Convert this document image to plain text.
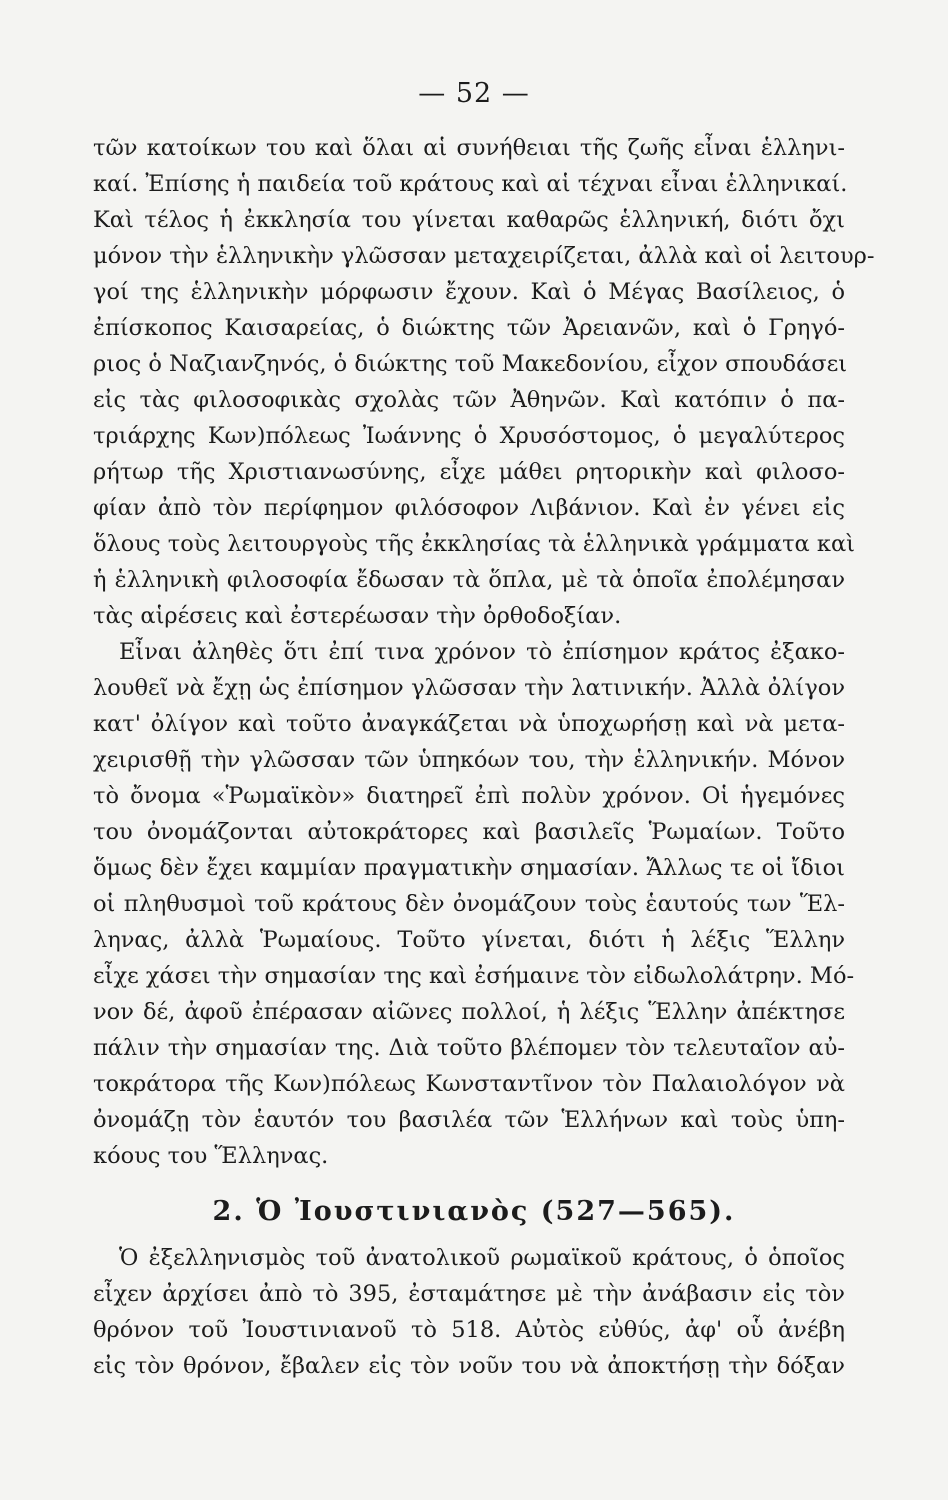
— 52 —
τῶν κατοίκων του καὶ ὅλαι αἱ συνήθειαι τῆς ζωῆς εἶναι ἑλληνι-
καί. Ἐπίσης ἡ παιδεία τοῦ κράτους καὶ αἱ τέχναι εἶναι ἑλληνικαί.
Καὶ τέλος ἡ ἐκκλησία του γίνεται καθαρῶς ἑλληνική, διότι ὄχι
μόνον τὴν ἑλληνικὴν γλῶσσαν μεταχειρίζεται, ἀλλὰ καὶ οἱ λειτουρ-
γοί της ἑλληνικὴν μόρφωσιν ἔχουν. Καὶ ὁ Μέγας Βασίλειος, ὁ
ἐπίσκοπος Καισαρείας, ὁ διώκτης τῶν Ἀρειανῶν, καὶ ὁ Γρηγό-
ριος ὁ Ναζιανζηνός, ὁ διώκτης τοῦ Μακεδονίου, εἶχον σπουδάσει
εἰς τὰς φιλοσοφικὰς σχολὰς τῶν Ἀθηνῶν. Καὶ κατόπιν ὁ πα-
τριάρχης Κων)πόλεως Ἰωάννης ὁ Χρυσόστομος, ὁ μεγαλύτερος
ρήτωρ τῆς Χριστιανωσύνης, εἶχε μάθει ρητορικὴν καὶ φιλοσο-
φίαν ἀπὸ τὸν περίφημον φιλόσοφον Λιβάνιον. Καὶ ἐν γένει εἰς
ὅλους τοὺς λειτουργοὺς τῆς ἐκκλησίας τὰ ἑλληνικὰ γράμματα καὶ
ἡ ἑλληνικὴ φιλοσοφία ἔδωσαν τὰ ὅπλα, μὲ τὰ ὁποῖα ἐπολέμησαν
τὰς αἱρέσεις καὶ ἐστερέωσαν τὴν ὀρθοδοξίαν.
Εἶναι ἀληθὲς ὅτι ἐπί τινα χρόνον τὸ ἐπίσημον κράτος ἐξακο-
λουθεῖ νὰ ἔχῃ ὡς ἐπίσημον γλῶσσαν τὴν λατινικήν. Ἀλλὰ ὀλίγον
κατ' ὀλίγον καὶ τοῦτο ἀναγκάζεται νὰ ὑποχωρήσῃ καὶ νὰ μετα-
χειρισθῇ τὴν γλῶσσαν τῶν ὑπηκόων του, τὴν ἑλληνικήν. Μόνον
τὸ ὄνομα «Ῥωμαϊκὸν» διατηρεῖ ἐπὶ πολὺν χρόνον. Οἱ ἡγεμόνες
του ὀνομάζονται αὐτοκράτορες καὶ βασιλεῖς Ῥωμαίων. Τοῦτο
ὅμως δὲν ἔχει καμμίαν πραγματικὴν σημασίαν. Ἄλλως τε οἱ ἴδιοι
οἱ πληθυσμοὶ τοῦ κράτους δὲν ὀνομάζουν τοὺς ἑαυτούς των Ἕλ-
ληνας, ἀλλὰ Ῥωμαίους. Τοῦτο γίνεται, διότι ἡ λέξις Ἕλλην
εἶχε χάσει τὴν σημασίαν της καὶ ἐσήμαινε τὸν εἰδωλολάτρην. Μό-
νον δέ, ἀφοῦ ἐπέρασαν αἰῶνες πολλοί, ἡ λέξις Ἕλλην ἀπέκτησε
πάλιν τὴν σημασίαν της. Διὰ τοῦτο βλέπομεν τὸν τελευταῖον αὐ-
τοκράτορα τῆς Κων)πόλεως Κωνσταντῖνον τὸν Παλαιολόγον νὰ
ὀνομάζῃ τὸν ἑαυτόν του βασιλέα τῶν Ἑλλήνων καὶ τοὺς ὑπη-
κόους του Ἕλληνας.
2. Ὁ Ἰουστινιανὸς (527—565).
Ὁ ἐξελληνισμὸς τοῦ ἀνατολικοῦ ρωμαϊκοῦ κράτους, ὁ ὁποῖος
εἶχεν ἀρχίσει ἀπὸ τὸ 395, ἐσταμάτησε μὲ τὴν ἀνάβασιν εἰς τὸν
θρόνον τοῦ Ἰουστινιανοῦ τὸ 518. Αὐτὸς εὐθύς, ἀφ' οὗ ἀνέβη
εἰς τὸν θρόνον, ἔβαλεν εἰς τὸν νοῦν του νὰ ἀποκτήσῃ τὴν δόξαν
